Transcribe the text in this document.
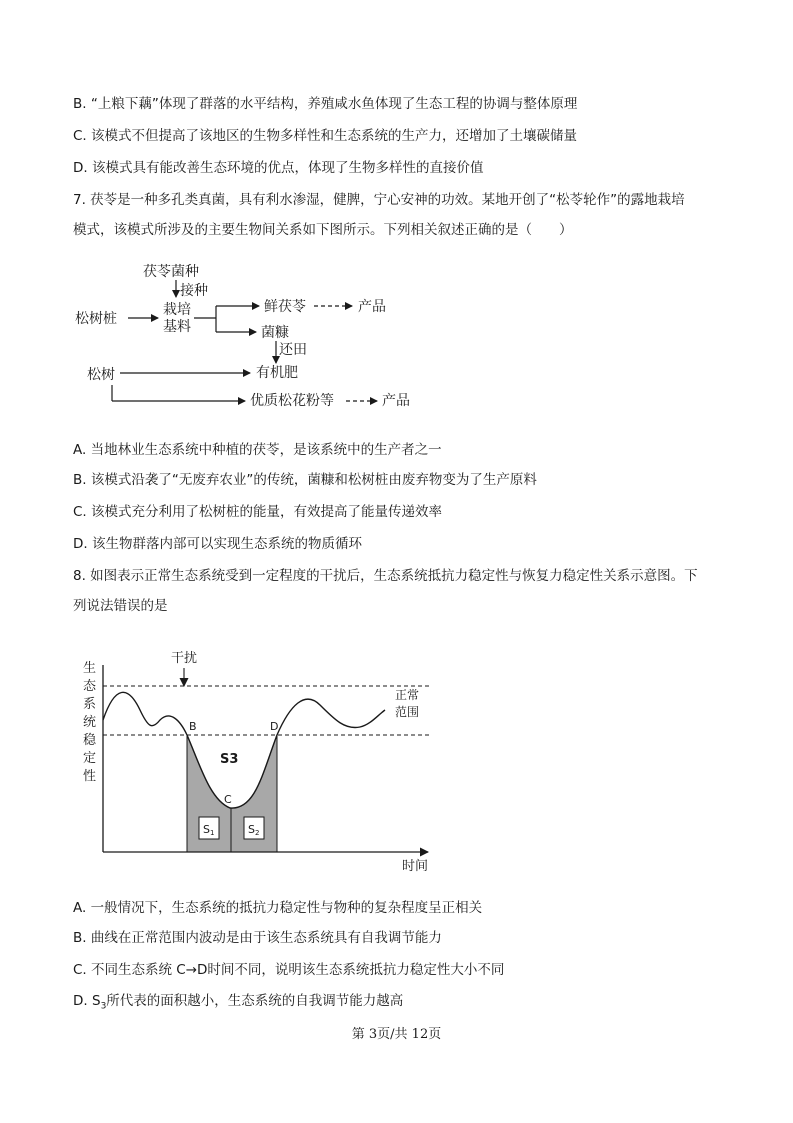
B. “上粮下藕”体现了群落的水平结构，养殖咸水鱼体现了生态工程的协调与整体原理
C. 该模式不但提高了该地区的生物多样性和生态系统的生产力，还增加了土壤碳储量
D. 该模式具有能改善生态环境的优点，体现了生物多样性的直接价值
7. 茯苓是一种多孔类真菌，具有利水渗湿，健脾，宁心安神的功效。某地开创了“松苓轮作”的露地栽培
模式，该模式所涉及的主要生物间关系如下图所示。下列相关叙述正确的是（　　）
茯苓菌种
接种
栽培
基料
松树桩
鲜茯苓	产品
菌糠
还田
松树	有机肥
优质松花粉等	产品
A. 当地林业生态系统中种植的茯苓，是该系统中的生产者之一
B. 该模式沿袭了“无废弃农业”的传统，菌糠和松树桩由废弃物变为了生产原料
C. 该模式充分利用了松树桩的能量，有效提高了能量传递效率
D. 该生物群落内部可以实现生态系统的物质循环
8. 如图表示正常生态系统受到一定程度的干扰后，生态系统抵抗力稳定性与恢复力稳定性关系示意图。下
列说法错误的是
生
态
系
统
稳
定
性
干扰
正常
范围
B	D
C
S3
S1	S2
时间
A. 一般情况下，生态系统的抵抗力稳定性与物种的复杂程度呈正相关
B. 曲线在正常范围内波动是由于该生态系统具有自我调节能力
C. 不同生态系统 C→D时间不同，说明该生态系统抵抗力稳定性大小不同
D. $S_3$所代表的面积越小，生态系统的自我调节能力越高
第 3页/共 12页
